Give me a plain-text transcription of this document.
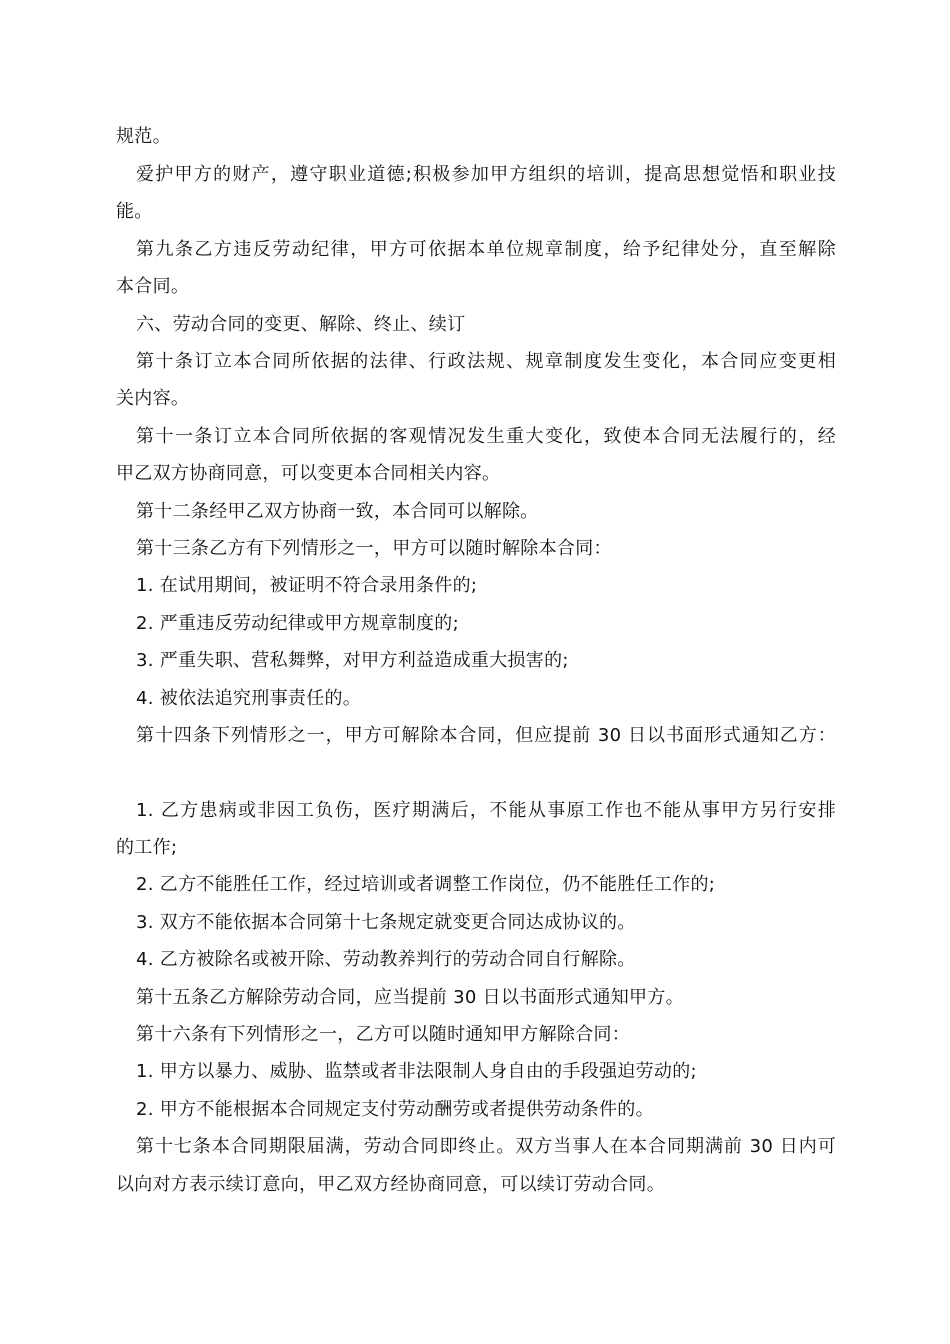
规范。
爱护甲方的财产，遵守职业道德;积极参加甲方组织的培训，提高思想觉悟和职业技
能。
第九条乙方违反劳动纪律，甲方可依据本单位规章制度，给予纪律处分，直至解除
本合同。
六、劳动合同的变更、解除、终止、续订
第十条订立本合同所依据的法律、行政法规、规章制度发生变化，本合同应变更相
关内容。
第十一条订立本合同所依据的客观情况发生重大变化，致使本合同无法履行的，经
甲乙双方协商同意，可以变更本合同相关内容。
第十二条经甲乙双方协商一致，本合同可以解除。
第十三条乙方有下列情形之一，甲方可以随时解除本合同：
1. 在试用期间，被证明不符合录用条件的;
2. 严重违反劳动纪律或甲方规章制度的;
3. 严重失职、营私舞弊，对甲方利益造成重大损害的;
4. 被依法追究刑事责任的。
第十四条下列情形之一，甲方可解除本合同，但应提前 30 日以书面形式通知乙方：
1. 乙方患病或非因工负伤，医疗期满后，不能从事原工作也不能从事甲方另行安排
的工作;
2. 乙方不能胜任工作，经过培训或者调整工作岗位，仍不能胜任工作的;
3. 双方不能依据本合同第十七条规定就变更合同达成协议的。
4. 乙方被除名或被开除、劳动教养判行的劳动合同自行解除。
第十五条乙方解除劳动合同，应当提前 30 日以书面形式通知甲方。
第十六条有下列情形之一，乙方可以随时通知甲方解除合同：
1. 甲方以暴力、威胁、监禁或者非法限制人身自由的手段强迫劳动的;
2. 甲方不能根据本合同规定支付劳动酬劳或者提供劳动条件的。
第十七条本合同期限届满，劳动合同即终止。双方当事人在本合同期满前 30 日内可
以向对方表示续订意向，甲乙双方经协商同意，可以续订劳动合同。
